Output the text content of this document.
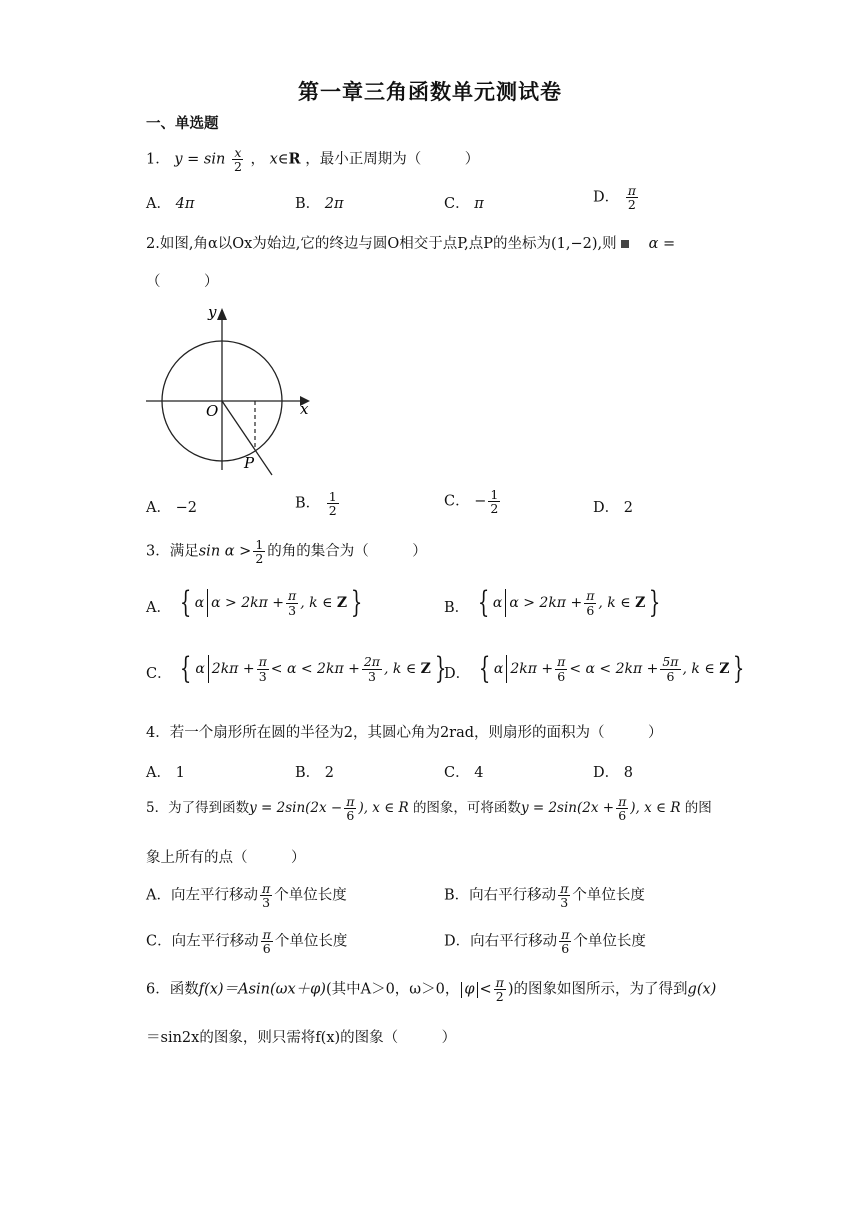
第一章三角函数单元测试卷
一、单选题
1． $y = \sin \frac{x}{2}$ ， x∈R ，最小正周期为（　　　）
A． 4π	B． 2π	C． π	D． $\frac{\pi}{2}$
2.如图,角α以Ox为始边,它的终边与圆O相交于点P,点P的坐标为(1,−2),则 α =
（　　　）
y
x
O
P
A． −2	B． $\frac{1}{2}$	C． − $\frac{1}{2}$	D． 2
3．满足$\sin \alpha > \frac{1}{2}$ 的角的集合为（　　　）
A． { α $\alpha > 2k\pi + \frac{\pi}{3}$ , k ∈
Z }	B． { α $\alpha > 2k\pi + \frac{\pi}{6}$ , k ∈
Z }
C． { α $2k\pi + \frac{\pi}{3} < \alpha < 2k\pi + \frac{2\pi}{3}$ , k ∈
Z }
D． { α $2k\pi + \frac{\pi}{6} < \alpha < 2k\pi + \frac{5\pi}{6}$ , k ∈
Z }
4．若一个扇形所在圆的半径为2，其圆心角为2rad，则扇形的面积为（　　　）
A． 1	B． 2	C． 4	D． 8
5．为了得到函数$y = 2\sin(2x - \frac{\pi}{6}$ ), x ∈ R 的图象，可将函数$y = 2\sin(2x + \frac{\pi}{6}$ ), x ∈ R 的图
象上所有的点（　　　）
A．向左平行移动 $\frac{\pi}{3}$ 个单位长度	B．向右平行移动 $\frac{\pi}{3}$ 个单位长度
C．向左平行移动 $\frac{\pi}{6}$ 个单位长度	D．向右平行移动 $\frac{\pi}{6}$ 个单位长度
6．函数f(x)＝Asin(ωx＋φ)(其中A＞0，ω＞0， $\varphi < \frac{\pi}{2}$ )的图象如图所示，为了得到g(x)
＝sin2x的图象，则只需将f(x)的图象（　　　）
